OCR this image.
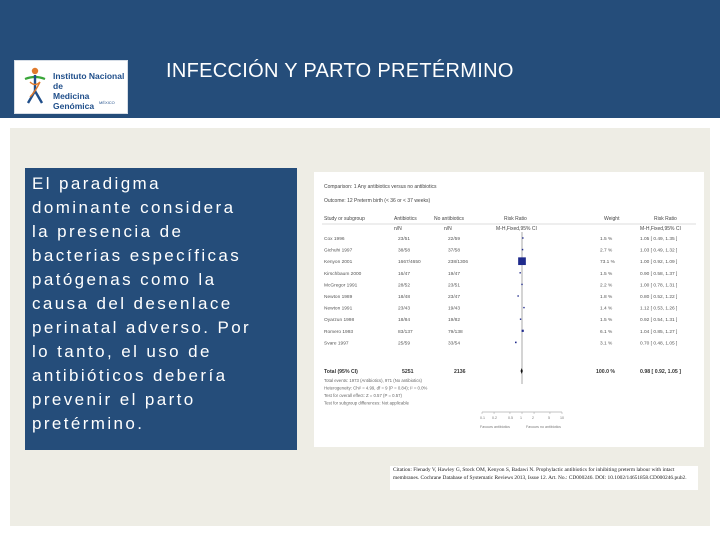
Instituto Nacional de
Medicina Genómica	MÉXICO
INFECCIÓN Y PARTO PRETÉRMINO
El paradigma
dominante considera
la presencia de
bacterias específicas
patógenas como la
causa del desenlace
perinatal adverso. Por
lo tanto, el uso de
antibióticos debería
prevenir el parto
pretérmino.
Comparison: 1 Any antibiotics versus no antibiotics
Outcome: 12 Preterm birth (< 36 or < 37 weeks)
Study or subgroup	Antibiotics	No antibiotics
n/N	n/N
Risk Ratio
M-H,Fixed,95% CI
Weight	Risk Ratio
M-H,Fixed,95% CI
Cox 1996	23/51	22/59	1.5 %	1.05 [ 0.49, 1.35 ]
Gichuhi 1997	38/58	37/58	2.7 %	1.03 [ 0.49, 1.32 ]
Kenyon 2001	1667/4650	238/1306	73.1 %	1.00 [ 0.92, 1.09 ]
Kirschbaum 2000	16/47	19/47	1.5 %	0.90 [ 0.58, 1.37 ]
McGregor 1991	28/52	23/51	2.2 %	1.00 [ 0.78, 1.31 ]
Newton 1989	18/48	23/47	1.8 %	0.80 [ 0.52, 1.22 ]
Newton 1991	23/43	19/43	1.4 %	1.12 [ 0.53, 1.26 ]
Oyarzun 1998	18/84	19/82	1.5 %	0.92 [ 0.54, 1.31 ]
Romero 1993	83/137	79/138	6.1 %	1.04 [ 0.85, 1.27 ]
Svare 1997	25/59	33/54	3.1 %	0.70 [ 0.48, 1.05 ]
Total (95% CI)	5251	2136	100.0 %	0.98 [ 0.92, 1.05 ]
Total events: 1973 (Antibiotics), 971 (No antibiotics)
Heterogeneity: Chi² = 4.99, df = 9 (P = 0.84); I² = 0.0%
Test for overall effect: Z = 0.57 (P = 0.57)
Test for subgroup differences: Not applicable
0.1 0.2	0.5 1	2	5	10
Favours antibiotics	Favours no antibiotics

Citation: Flenady V, Hawley G, Stock OM, Kenyon S, Badawi N. Prophylactic antibiotics for inhibiting preterm labour with intact

membranes. Cochrane Database of Systematic Reviews 2013, Issue 12. Art. No.: CD000246. DOI: 10.1002/14651858.CD000246.pub2.
